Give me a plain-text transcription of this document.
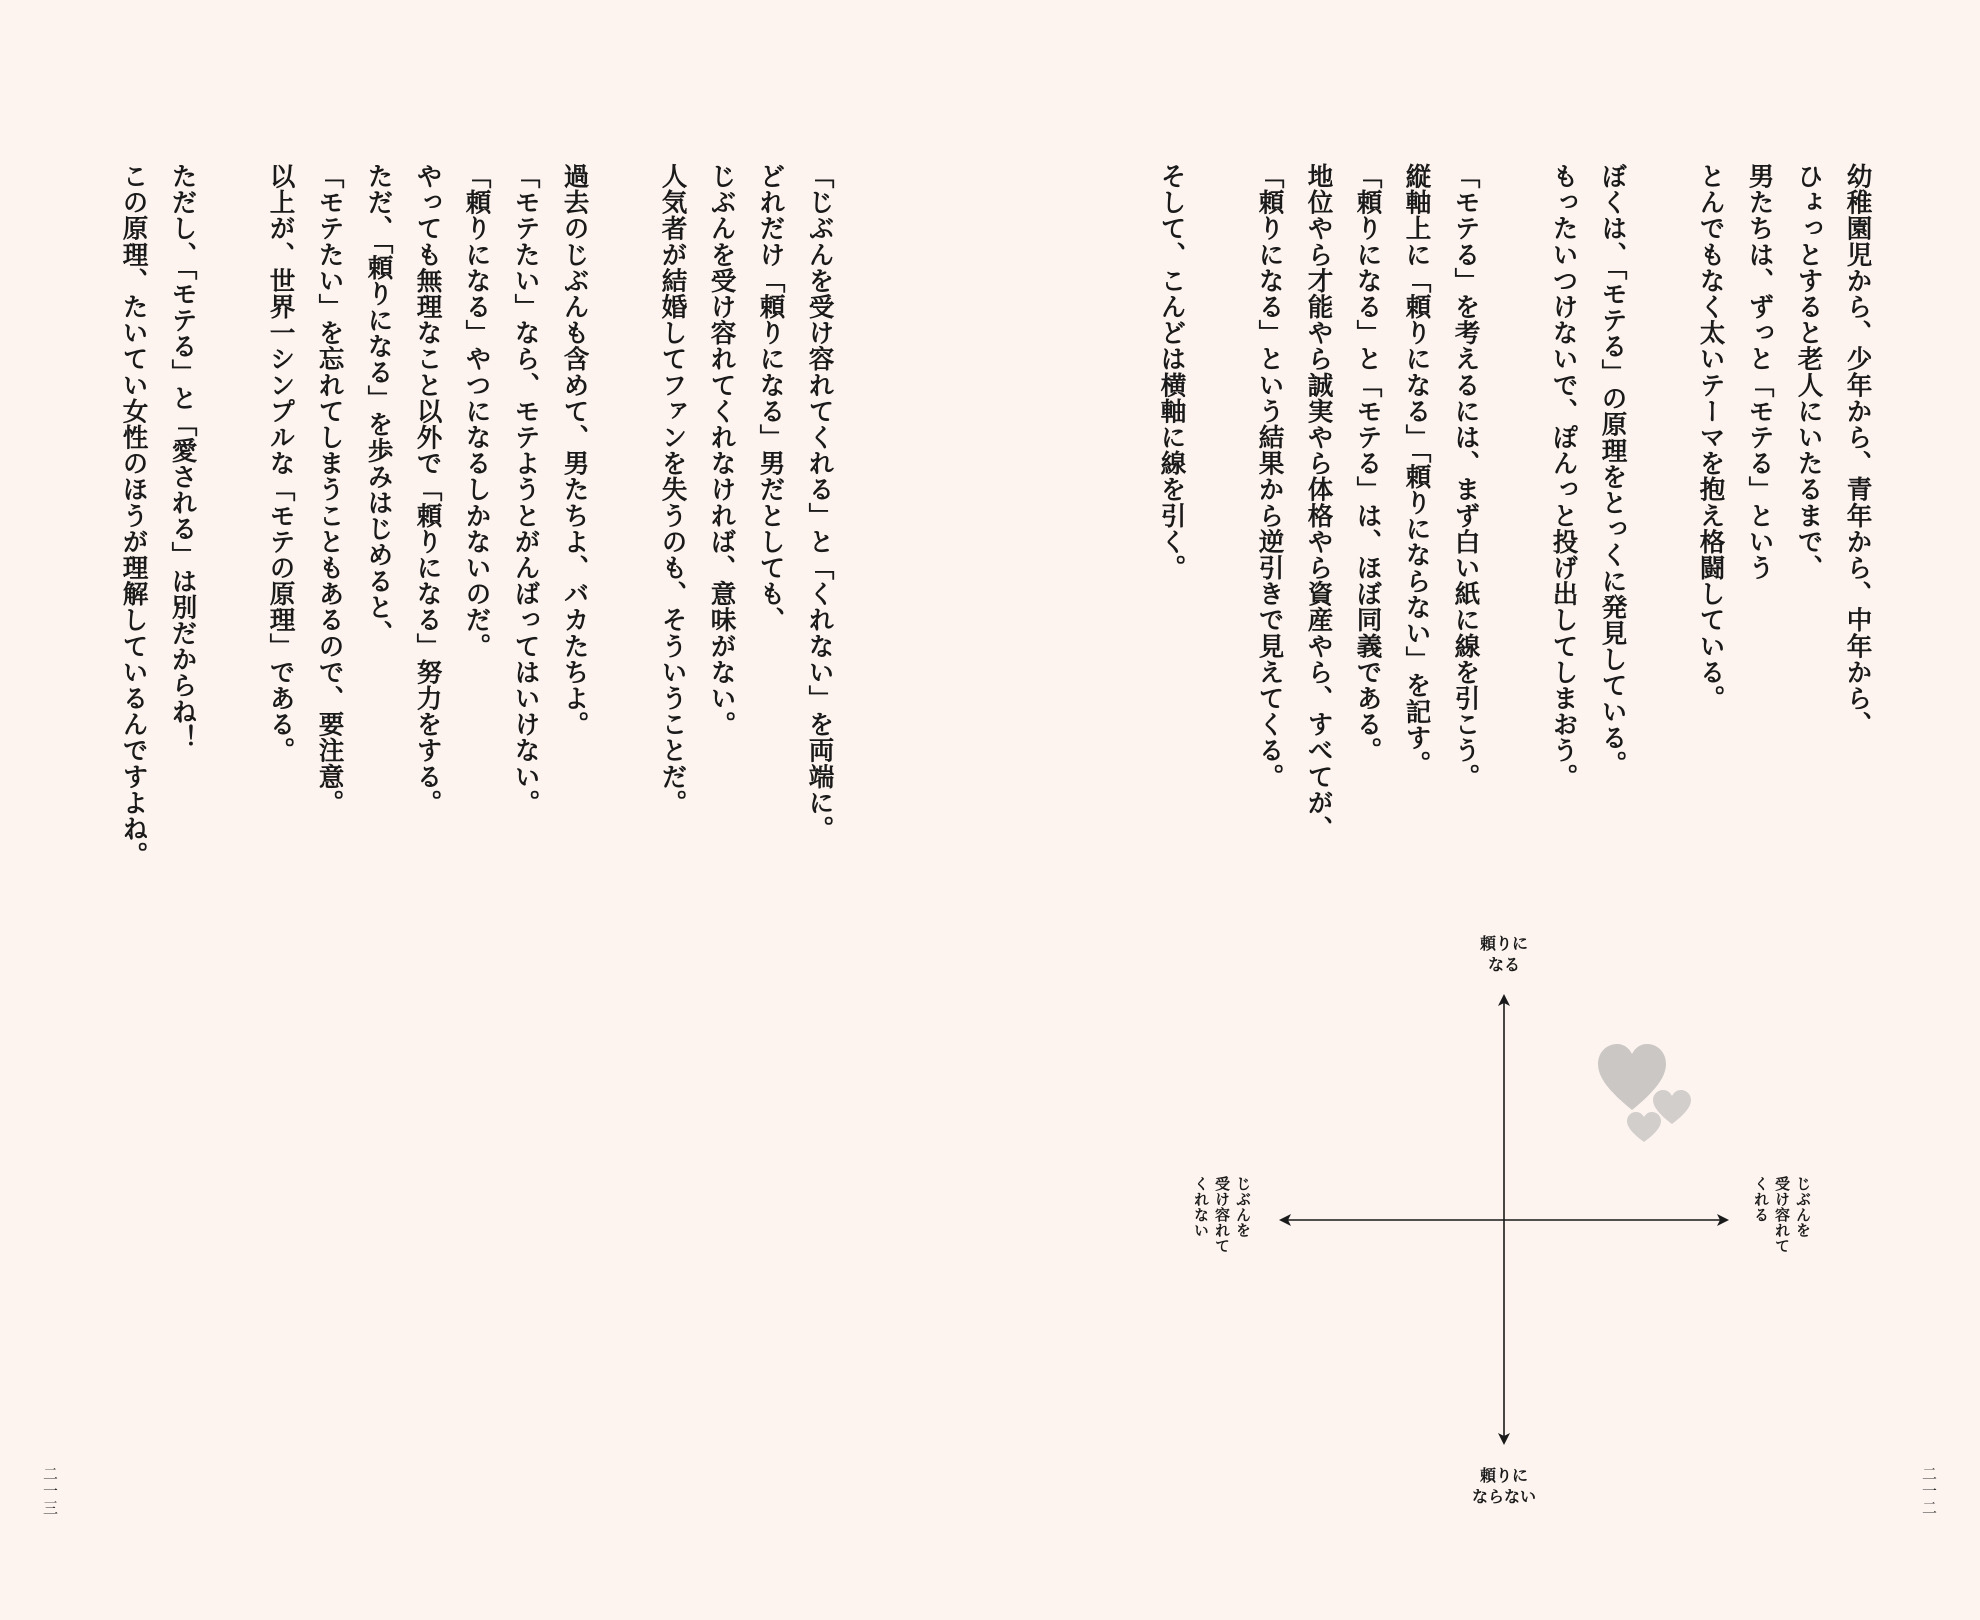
幼稚園児から、少年から、青年から、中年から、
ひょっとすると老人にいたるまで、
男たちは、ずっと「モテる」という
とんでもなく太いテーマを抱え格闘している。
ぼくは、「モテる」の原理をとっくに発見している。
もったいつけないで、ぽんっと投げ出してしまおう。
「モテる」を考えるには、まず白い紙に線を引こう。
縦軸上に「頼りになる」「頼りにならない」を記す。
「頼りになる」と「モテる」は、ほぼ同義である。
地位やら才能やら誠実やら体格やら資産やら、すべてが、
「頼りになる」という結果から逆引きで見えてくる。
そして、こんどは横軸に線を引く。
「じぶんを受け容れてくれる」と「くれない」を両端に。
どれだけ「頼りになる」男だとしても、
じぶんを受け容れてくれなければ、意味がない。
人気者が結婚してファンを失うのも、そういうことだ。
過去のじぶんも含めて、男たちよ、バカたちよ。
「モテたい」なら、モテようとがんばってはいけない。
「頼りになる」やつになるしかないのだ。
やっても無理なこと以外で「頼りになる」努力をする。
ただ、「頼りになる」を歩みはじめると、
「モテたい」を忘れてしまうこともあるので、要注意。
以上が、世界一シンプルな「モテの原理」である。
ただし、「モテる」と「愛される」は別だからね！
この原理、たいてい女性のほうが理解しているんですよね。
二一二
二一三
頼りに
なる
頼りに
ならない
じぶんを
受け容れて
くれる
じぶんを
受け容れて
くれない
